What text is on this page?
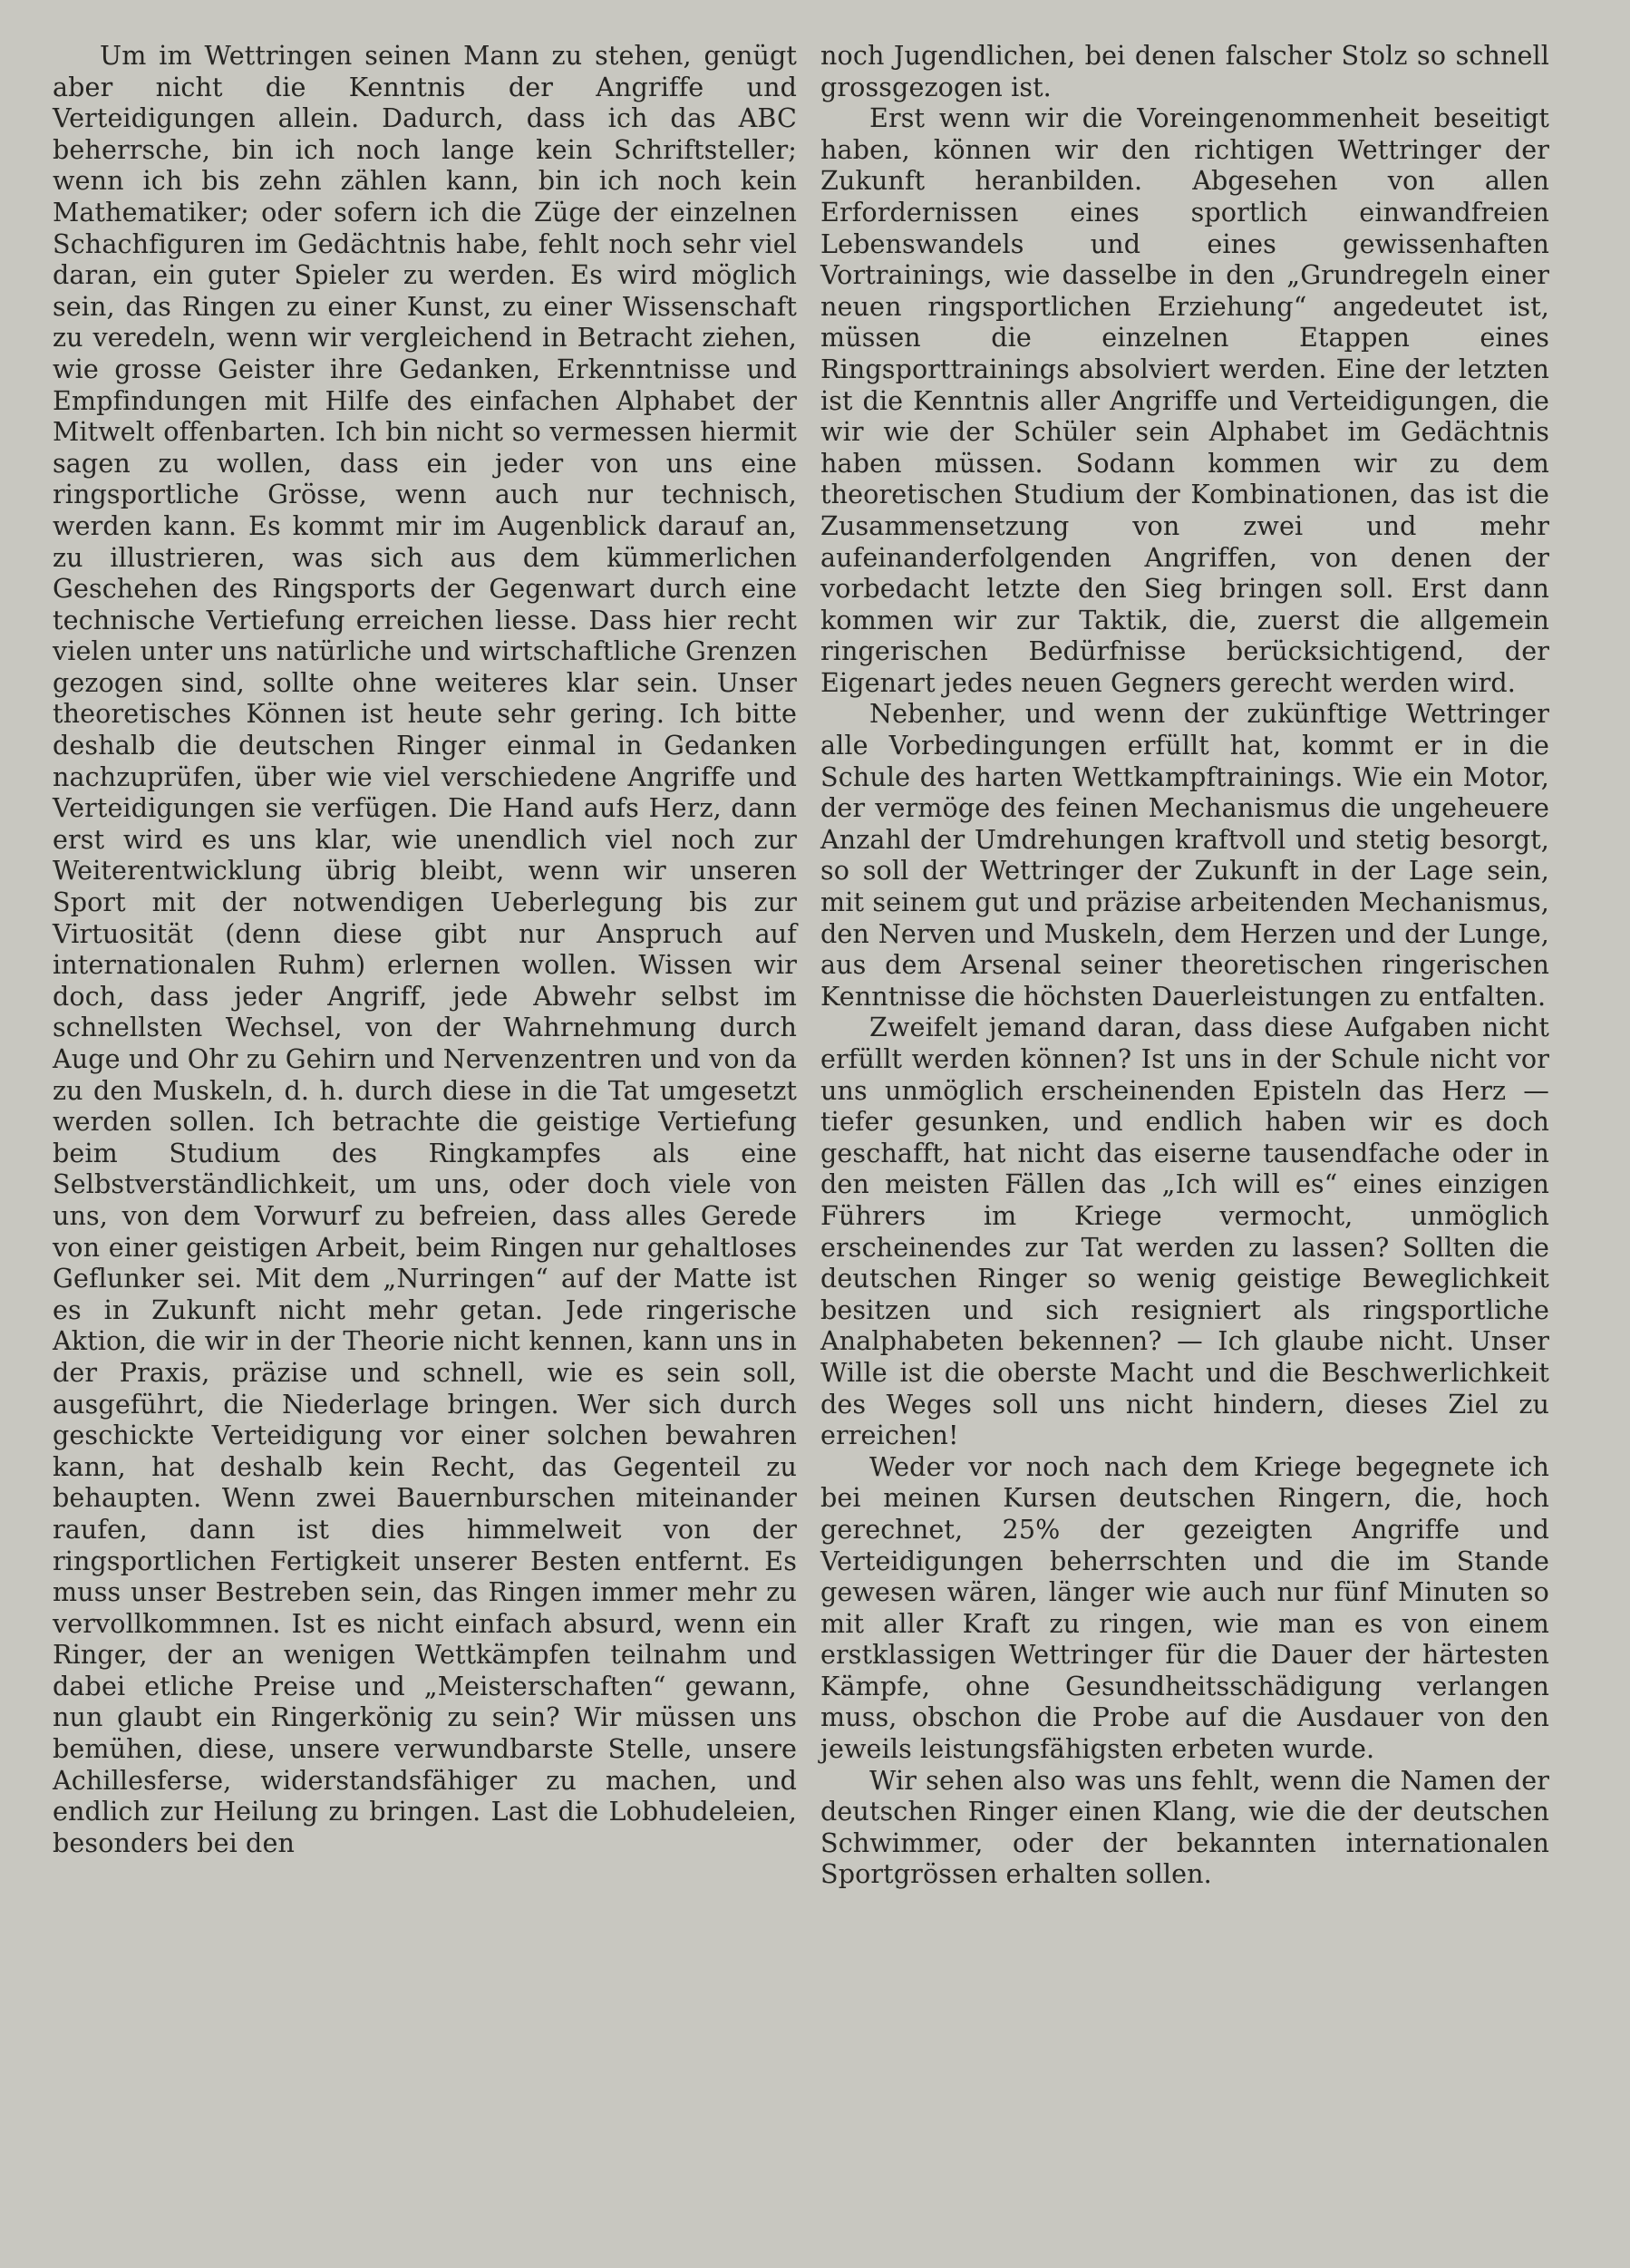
Um im Wettringen seinen Mann zu stehen, genügt aber nicht die Kenntnis der Angriffe und Verteidigungen allein. Dadurch, dass ich das ABC beherrsche, bin ich noch lange kein Schriftsteller; wenn ich bis zehn zählen kann, bin ich noch kein Mathematiker; oder sofern ich die Züge der einzelnen Schachfiguren im Gedächtnis habe, fehlt noch sehr viel daran, ein guter Spieler zu werden. Es wird möglich sein, das Ringen zu einer Kunst, zu einer Wissenschaft zu veredeln, wenn wir vergleichend in Betracht ziehen, wie grosse Geister ihre Gedanken, Erkenntnisse und Empfindungen mit Hilfe des einfachen Alphabet der Mitwelt offenbarten. Ich bin nicht so vermessen hiermit sagen zu wollen, dass ein jeder von uns eine ringsportliche Grösse, wenn auch nur technisch, werden kann. Es kommt mir im Augenblick darauf an, zu illustrieren, was sich aus dem kümmerlichen Geschehen des Ringsports der Gegenwart durch eine technische Vertiefung erreichen liesse. Dass hier recht vielen unter uns natürliche und wirtschaftliche Grenzen gezogen sind, sollte ohne weiteres klar sein. Unser theoretisches Können ist heute sehr gering. Ich bitte deshalb die deutschen Ringer einmal in Gedanken nachzuprüfen, über wie viel verschiedene Angriffe und Verteidigungen sie verfügen. Die Hand aufs Herz, dann erst wird es uns klar, wie unendlich viel noch zur Weiterentwicklung übrig bleibt, wenn wir unseren Sport mit der notwendigen Ueberlegung bis zur Virtuosität (denn diese gibt nur Anspruch auf internationalen Ruhm) erlernen wollen. Wissen wir doch, dass jeder Angriff, jede Abwehr selbst im schnellsten Wechsel, von der Wahrnehmung durch Auge und Ohr zu Gehirn und Nervenzentren und von da zu den Muskeln, d. h. durch diese in die Tat umgesetzt werden sollen. Ich betrachte die geistige Vertiefung beim Studium des Ringkampfes als eine Selbstverständlichkeit, um uns, oder doch viele von uns, von dem Vorwurf zu befreien, dass alles Gerede von einer geistigen Arbeit, beim Ringen nur gehaltloses Geflunker sei. Mit dem „Nurringen“ auf der Matte ist es in Zukunft nicht mehr getan. Jede ringerische Aktion, die wir in der Theorie nicht kennen, kann uns in der Praxis, präzise und schnell, wie es sein soll, ausgeführt, die Niederlage bringen. Wer sich durch geschickte Verteidigung vor einer solchen bewahren kann, hat deshalb kein Recht, das Gegenteil zu behaupten. Wenn zwei Bauernburschen miteinander raufen, dann ist dies himmelweit von der ringsportlichen Fertigkeit unserer Besten entfernt. Es muss unser Bestreben sein, das Ringen immer mehr zu vervollkommnen. Ist es nicht einfach absurd, wenn ein Ringer, der an wenigen Wettkämpfen teilnahm und dabei etliche Preise und „Meisterschaften“ gewann, nun glaubt ein Ringerkönig zu sein? Wir müssen uns bemühen, diese, unsere verwundbarste Stelle, unsere Achillesferse, widerstandsfähiger zu machen, und endlich zur Heilung zu bringen. Last die Lobhudeleien, besonders bei den

noch Jugendlichen, bei denen falscher Stolz so schnell grossgezogen ist.

Erst wenn wir die Voreingenommenheit beseitigt haben, können wir den richtigen Wettringer der Zukunft heranbilden. Abgesehen von allen Erfordernissen eines sportlich einwandfreien Lebenswandels und eines gewissenhaften Vortrainings, wie dasselbe in den „Grundregeln einer neuen ringsportlichen Erziehung“ angedeutet ist, müssen die einzelnen Etappen eines Ringsporttrainings absolviert werden. Eine der letzten ist die Kenntnis aller Angriffe und Verteidigungen, die wir wie der Schüler sein Alphabet im Gedächtnis haben müssen. Sodann kommen wir zu dem theoretischen Studium der Kombinationen, das ist die Zusammensetzung von zwei und mehr aufeinanderfolgenden Angriffen, von denen der vorbedacht letzte den Sieg bringen soll. Erst dann kommen wir zur Taktik, die, zuerst die allgemein ringerischen Bedürfnisse berücksichtigend, der Eigenart jedes neuen Gegners gerecht werden wird.

Nebenher, und wenn der zukünftige Wettringer alle Vorbedingungen erfüllt hat, kommt er in die Schule des harten Wettkampftrainings. Wie ein Motor, der vermöge des feinen Mechanismus die ungeheuere Anzahl der Umdrehungen kraftvoll und stetig besorgt, so soll der Wettringer der Zukunft in der Lage sein, mit seinem gut und präzise arbeitenden Mechanismus, den Nerven und Muskeln, dem Herzen und der Lunge, aus dem Arsenal seiner theoretischen ringerischen Kenntnisse die höchsten Dauerleistungen zu entfalten.

Zweifelt jemand daran, dass diese Aufgaben nicht erfüllt werden können? Ist uns in der Schule nicht vor uns unmöglich erscheinenden Episteln das Herz — tiefer gesunken, und endlich haben wir es doch geschafft, hat nicht das eiserne tausendfache oder in den meisten Fällen das „Ich will es“ eines einzigen Führers im Kriege vermocht, unmöglich erscheinendes zur Tat werden zu lassen? Sollten die deutschen Ringer so wenig geistige Beweglichkeit besitzen und sich resigniert als ringsportliche Analphabeten bekennen? — Ich glaube nicht. Unser Wille ist die oberste Macht und die Beschwerlichkeit des Weges soll uns nicht hindern, dieses Ziel zu erreichen!

Weder vor noch nach dem Kriege begegnete ich bei meinen Kursen deutschen Ringern, die, hoch gerechnet, 25% der gezeigten Angriffe und Verteidigungen beherrschten und die im Stande gewesen wären, länger wie auch nur fünf Minuten so mit aller Kraft zu ringen, wie man es von einem erstklassigen Wettringer für die Dauer der härtesten Kämpfe, ohne Gesundheitsschädigung verlangen muss, obschon die Probe auf die Ausdauer von den jeweils leistungsfähigsten erbeten wurde.

Wir sehen also was uns fehlt, wenn die Namen der deutschen Ringer einen Klang, wie die der deutschen Schwimmer, oder der bekannten internationalen Sportgrössen erhalten sollen.
